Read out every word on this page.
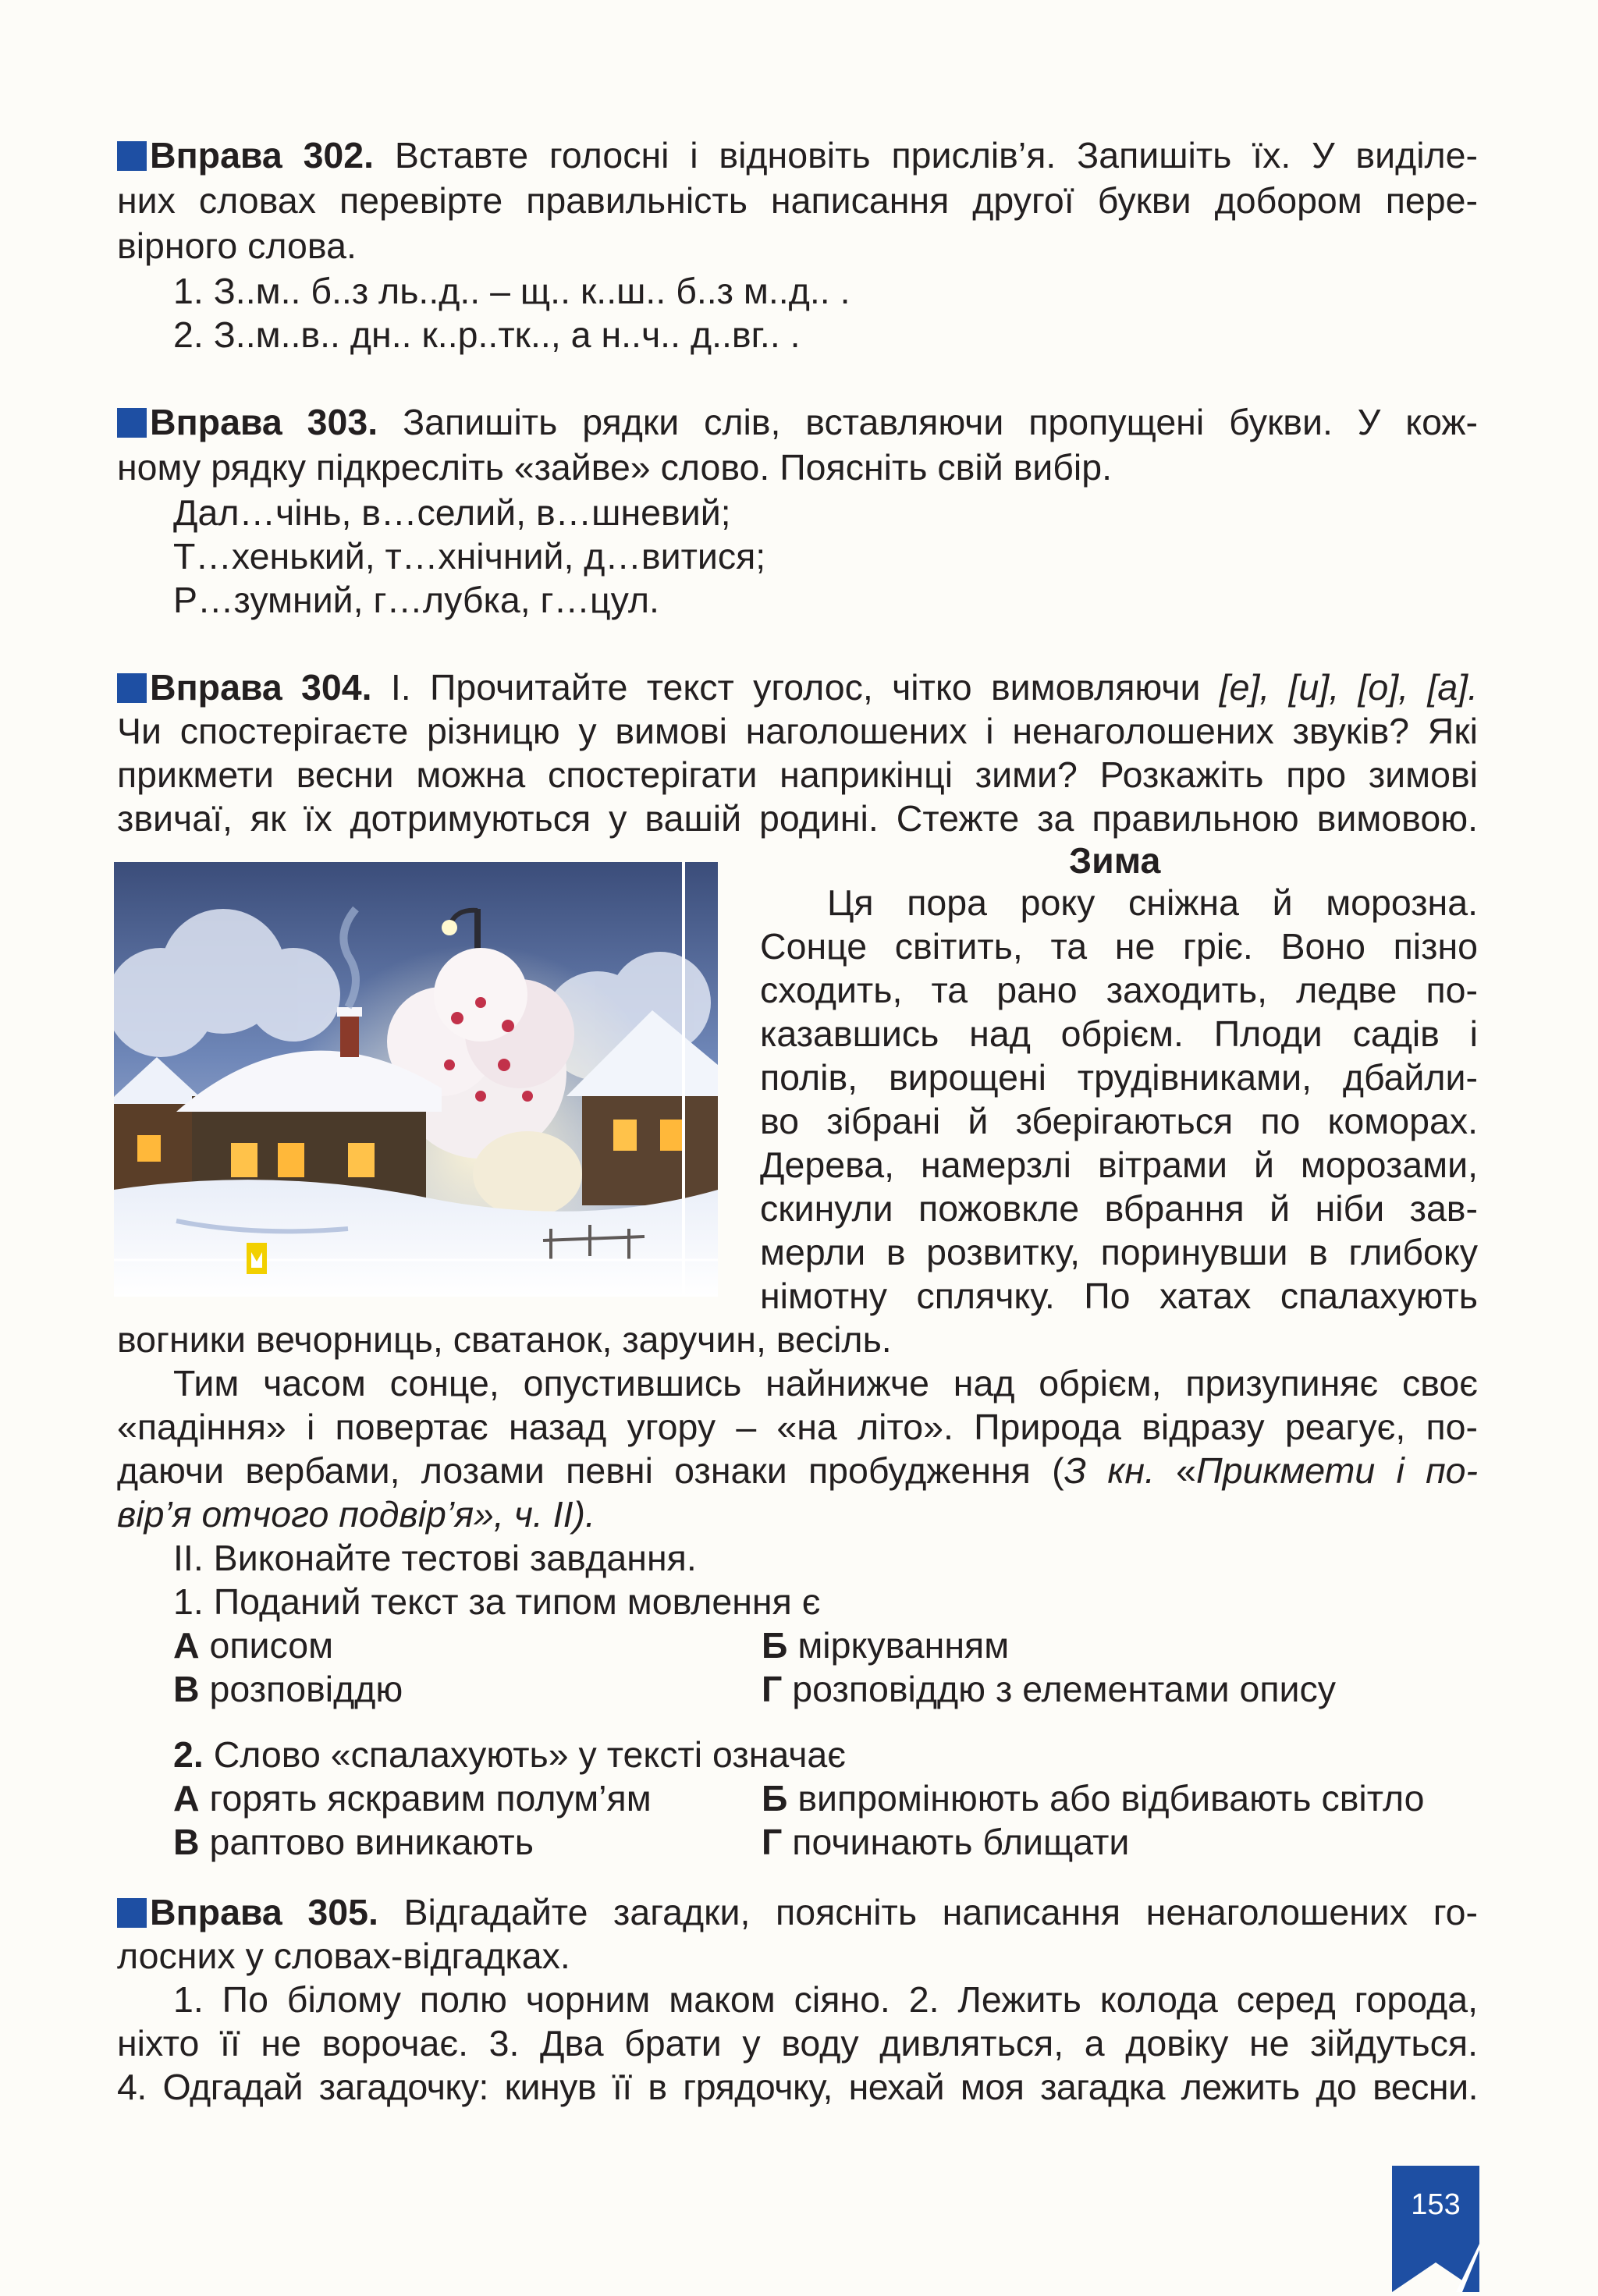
Вправа 302. Вставте голосні і відновіть прислів’я. Запишіть їх. У виділе-
них словах перевірте правильність написання другої букви добором пере-
вірного слова.
1. З..м.. б..з ль..д.. – щ.. к..ш.. б..з м..д.. .
2. З..м..в.. дн.. к..р..тк.., а н..ч.. д..вг.. .
Вправа 303. Запишіть рядки слів, вставляючи пропущені букви. У кож-
ному рядку підкресліть «зайве» слово. Поясніть свій вибір.
Дал…чінь, в…селий, в…шневий;
Т…хенький, т…хнічний, д…витися;
Р…зумний, г…лубка, г…цул.
Вправа 304. І. Прочитайте текст уголос, чітко вимовляючи [е], [и], [о], [а].
Чи спостерігаєте різницю у вимові наголошених і ненаголошених звуків? Які
прикмети весни можна спостерігати наприкінці зими? Розкажіть про зимові
звичаї, як їх дотримуються у вашій родині. Стежте за правильною вимовою.
Зима
Ця пора року сніжна й морозна.
Сонце світить, та не гріє. Воно пізно
сходить, та рано заходить, ледве по-
казавшись над обрієм. Плоди садів і
полів, вирощені трудівниками, дбайли-
во зібрані й зберігаються по коморах.
Дерева, намерзлі вітрами й морозами,
скинули пожовкле вбрання й ніби зав-
мерли в розвитку, поринувши в глибоку
німотну сплячку. По хатах спалахують
вогники вечорниць, сватанок, заручин, весіль.
Тим часом сонце, опустившись найнижче над обрієм, призупиняє своє
«падіння» і повертає назад угору – «на літо». Природа відразу реагує, по-
даючи вербами, лозами певні ознаки пробудження (З кн. «Прикмети і по-
вір’я отчого подвір’я», ч. ІІ).
ІІ. Виконайте тестові завдання.
1. Поданий текст за типом мовлення є
А описом	Б міркуванням
В розповіддю	Г розповіддю з елементами опису
2. Слово «спалахують» у тексті означає
А горять яскравим полум’ям	Б випромінюють або відбивають світло
В раптово виникають	Г починають блищати
Вправа 305. Відгадайте загадки, поясніть написання ненаголошених го-
лосних у словах-відгадках.
1. По білому полю чорним маком сіяно. 2. Лежить колода серед города,
ніхто її не ворочає. 3. Два брати у воду дивляться, а довіку не зійдуться.
4. Одгадай загадочку: кинув її в грядочку, нехай моя загадка лежить до весни.
153
